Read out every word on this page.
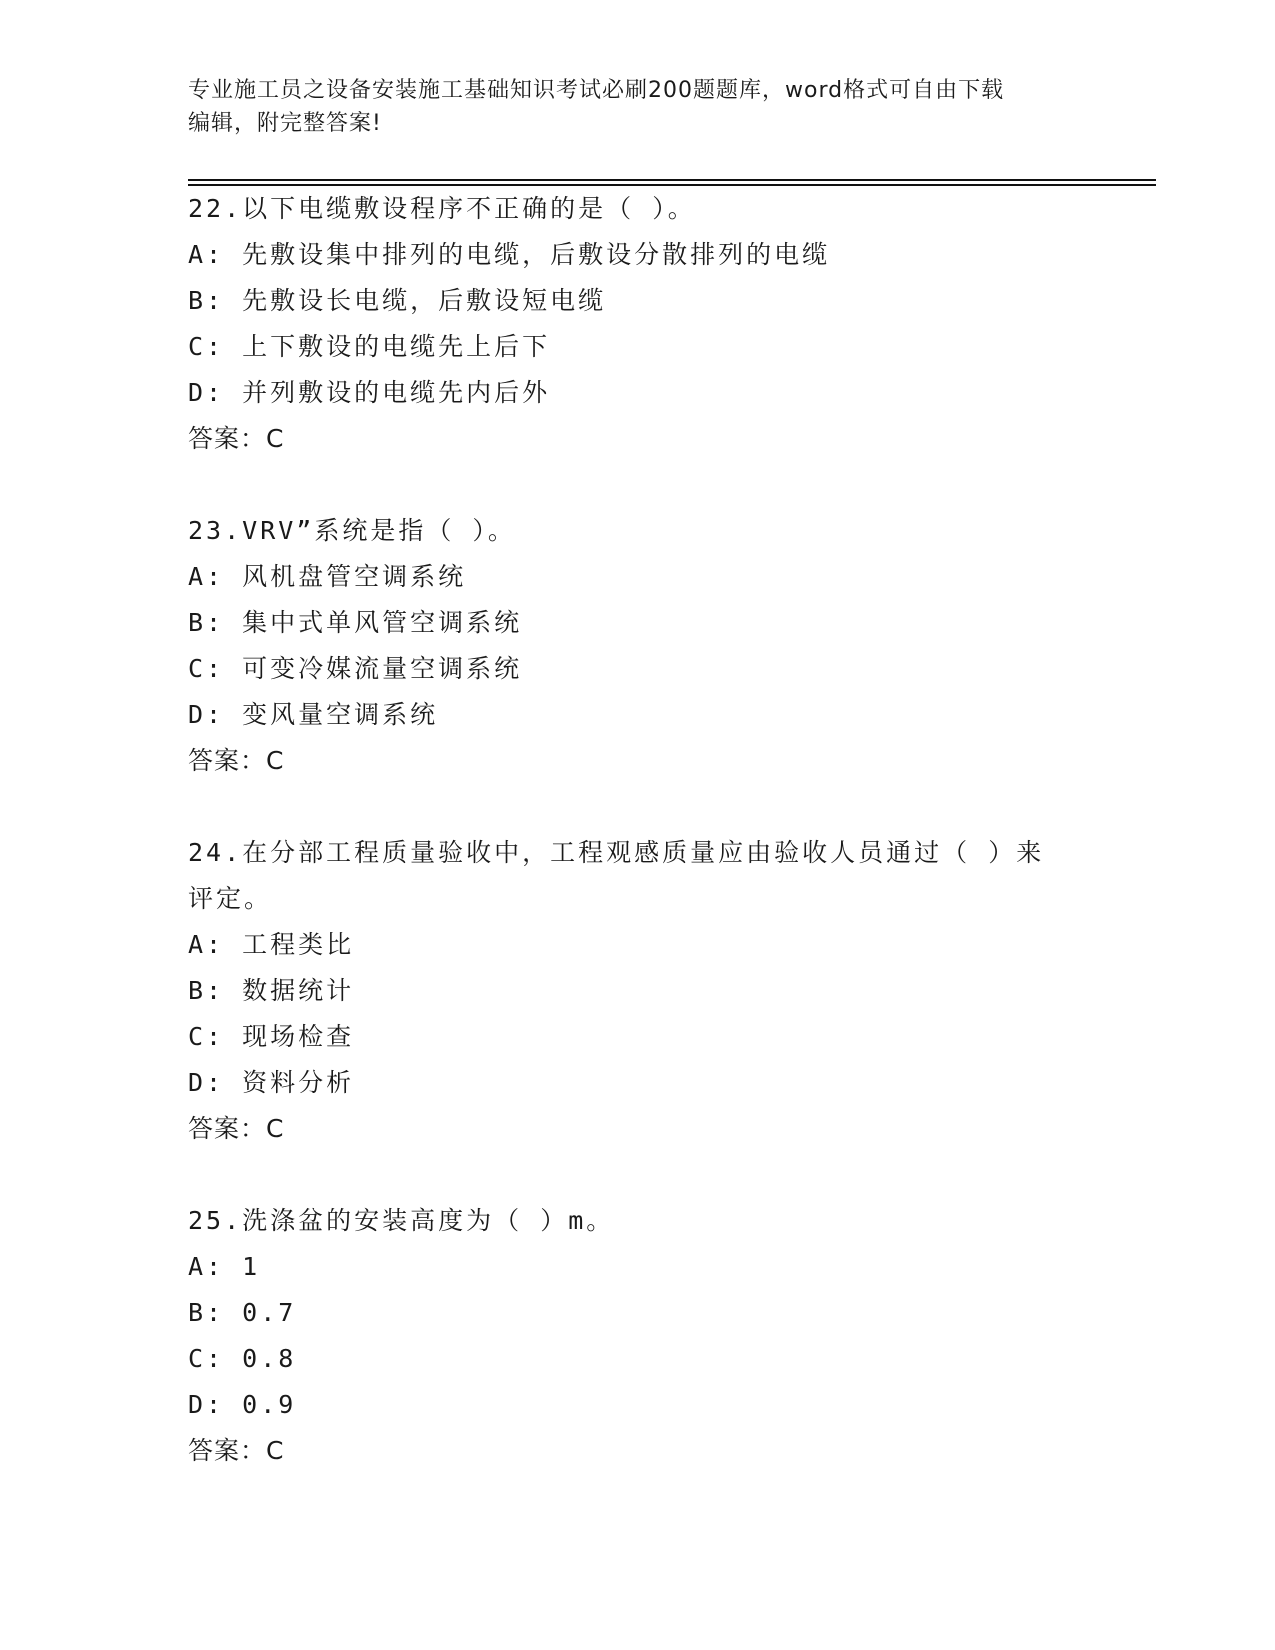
专业施工员之设备安装施工基础知识考试必刷200题题库，word格式可自由下载
编辑，附完整答案!
22.以下电缆敷设程序不正确的是（ ）。
A: 先敷设集中排列的电缆，后敷设分散排列的电缆
B: 先敷设长电缆，后敷设短电缆
C: 上下敷设的电缆先上后下
D: 并列敷设的电缆先内后外
答案：C
23.VRV”系统是指（ ）。
A: 风机盘管空调系统
B: 集中式单风管空调系统
C: 可变冷媒流量空调系统
D: 变风量空调系统
答案：C
24.在分部工程质量验收中，工程观感质量应由验收人员通过（ ）来
评定。
A: 工程类比
B: 数据统计
C: 现场检查
D: 资料分析
答案：C
25.洗涤盆的安装高度为（ ）m。
A: 1
B: 0.7
C: 0.8
D: 0.9
答案：C
